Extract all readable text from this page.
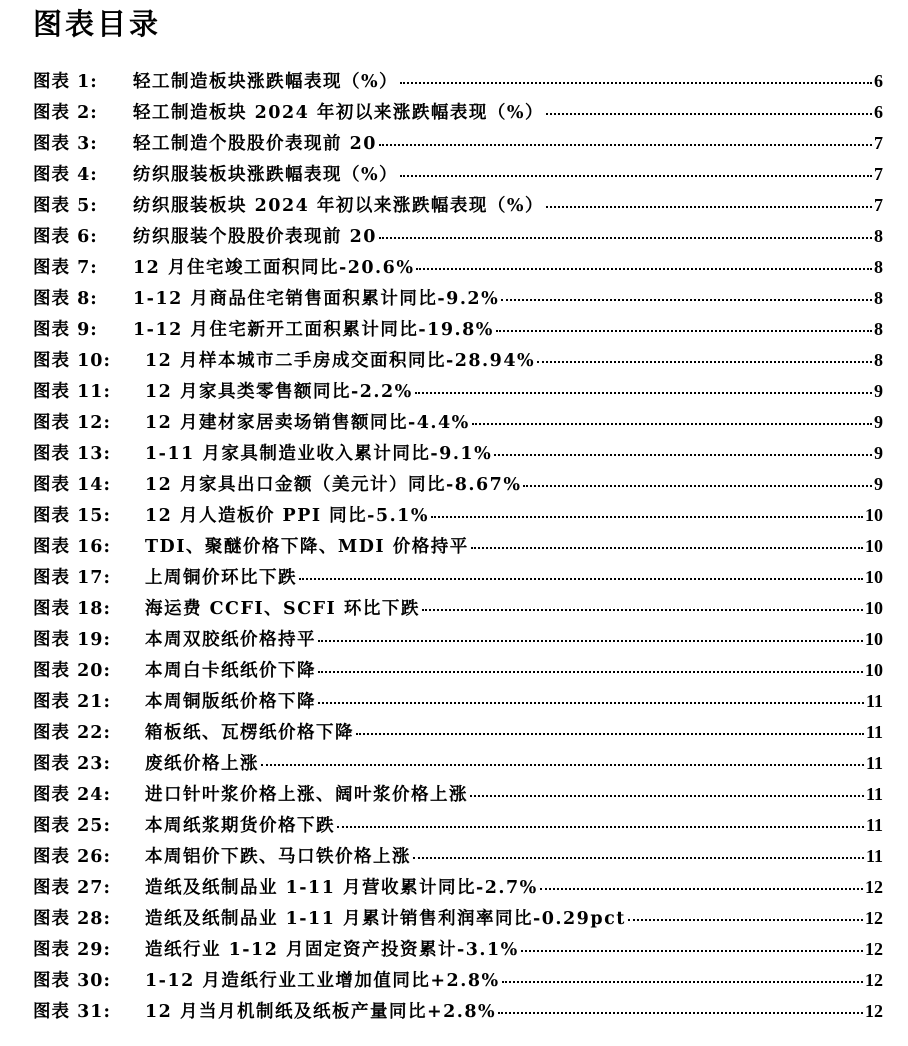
图表目录
图表 1:	轻工制造板块涨跌幅表现（%）	6
图表 2:	轻工制造板块 2024 年初以来涨跌幅表现（%）	6
图表 3:	轻工制造个股股价表现前 20	7
图表 4:	纺织服装板块涨跌幅表现（%）	7
图表 5:	纺织服装板块 2024 年初以来涨跌幅表现（%）	7
图表 6:	纺织服装个股股价表现前 20	8
图表 7:	12 月住宅竣工面积同比-20.6%	8
图表 8:	1-12 月商品住宅销售面积累计同比-9.2%	8
图表 9:	1-12 月住宅新开工面积累计同比-19.8%	8
图表 10:	12 月样本城市二手房成交面积同比-28.94%	8
图表 11:	12 月家具类零售额同比-2.2%	9
图表 12:	12 月建材家居卖场销售额同比-4.4%	9
图表 13:	1-11 月家具制造业收入累计同比-9.1%	9
图表 14:	12 月家具出口金额（美元计）同比-8.67%	9
图表 15:	12 月人造板价 PPI 同比-5.1%	10
图表 16:	TDI、聚醚价格下降、MDI 价格持平	10
图表 17:	上周铜价环比下跌	10
图表 18:	海运费 CCFI、SCFI 环比下跌	10
图表 19:	本周双胶纸价格持平	10
图表 20:	本周白卡纸纸价下降	10
图表 21:	本周铜版纸价格下降	11
图表 22:	箱板纸、瓦楞纸价格下降	11
图表 23:	废纸价格上涨	11
图表 24:	进口针叶浆价格上涨、阔叶浆价格上涨	11
图表 25:	本周纸浆期货价格下跌	11
图表 26:	本周铝价下跌、马口铁价格上涨	11
图表 27:	造纸及纸制品业 1-11 月营收累计同比-2.7%	12
图表 28:	造纸及纸制品业 1-11 月累计销售利润率同比-0.29pct	12
图表 29:	造纸行业 1-12 月固定资产投资累计-3.1%	12
图表 30:	1-12 月造纸行业工业增加值同比+2.8%	12
图表 31:	12 月当月机制纸及纸板产量同比+2.8%	12
